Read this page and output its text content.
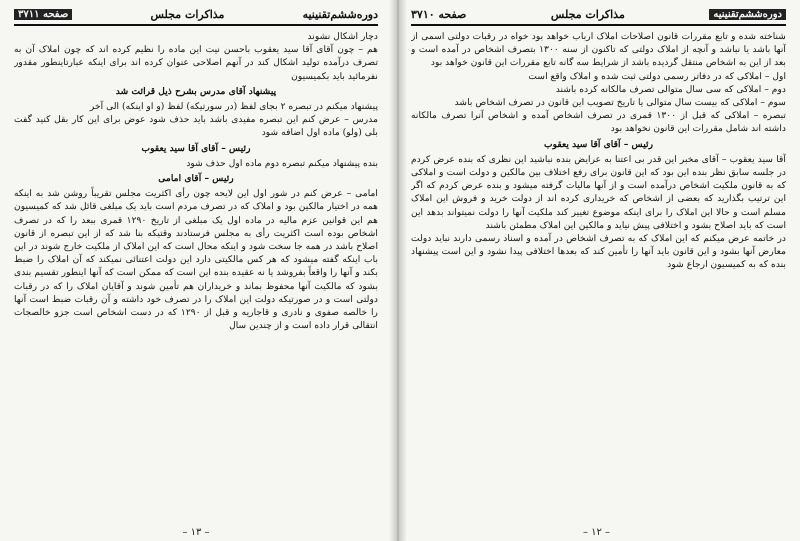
دوره‌ششم‌تقنینیه
مذاکرات مجلس
صفحه ۳۷۱۱

دچار اشکال نشوند

هم – چون آقای آقا سید یعقوب باحسن نیت این ماده را نظیم کرده اند که چون املاک آن به تصرف درآمده تولید اشکال کند در آنهم اصلاحی عنوان کرده اند برای اینکه عبارتاینطور مقدور نفرمائید باید بکمیسیون

پیشنهاد آقای مدرس بشرح ذیل قرائت شد

پیشنهاد میکنم در تبصره ۲ بجای لفظ (در سورتیکه) لفظ (و او اینکه) الی آخر

مدرس – عرض کنم این تبصره مفیدی باشد باید حذف شود عوض برای این کار بقل کنید گفت بلی (ولو) ماده اول اضافه شود

رئیس – آقای آقا سید یعقوب

بنده پیشنهاد میکنم تبصره دوم ماده اول حذف شود

رئیس – آقای امامی

امامی – عرض کنم در شور اول این لایحه چون رأی اکثریت مجلس تقریباً روشن شد به اینکه همه در اختیار مالکین بود و املاک که در تصرف مردم است باید یک مبلغی قائل شد که کمیسیون هم این قوانین عزم مالیه در ماده اول یک مبلغی از تاریخ ۱۲۹۰ قمری ببعد را که در تصرف اشخاص بوده است اکثریت رأی به مجلس فرستادند وقتیکه بنا شد که از این تبصره از قانون اصلاح باشد در همه جا سخت شود و اینکه محال است که این املاک از ملکیت خارج شوند در این باب اینکه گفته میشود که هر کس مالکیتی دارد این دولت اعتنائی نمیکند که آن املاک را ضبط بکند و آنها را واقعاً بفروشد یا نه عقیده بنده این است که ممکن است که آنها اینطور تقسیم بندی بشود که مالکیت آنها محفوظ بماند و خریداران هم تأمین شوند و آقایان املاک را که در رقبات دولتی است و در صورتیکه دولت این املاک را در تصرف خود داشته و آن رقبات ضبط است آنها را خالصه صفوی و نادری و قاجاریه و قبل از ۱۲۹۰ که در دست اشخاص است جزو خالصجات انتقالی قرار داده است و از چندین سال

– ۱۳ –
دوره‌ششم‌تقنینیه
مذاکرات مجلس
صفحه ۳۷۱۰

شناخته شده و تابع مقررات قانون اصلاحات املاک ارباب خواهد بود خواه در رقبات دولتی اسمی از آنها باشد یا نباشد و آنچه از املاک دولتی که تاکنون از سنه ۱۳۰۰ بتصرف اشخاص در آمده است و بعد از این به اشخاص منتقل گردیده باشد از شرایط سه گانه تابع مقررات این قانون خواهد بود

اول – املاکی که در دفاتر رسمی دولتی ثبت شده و املاک واقع است

دوم – املاکی که سی سال متوالی تصرف مالکانه کرده باشند

سوم – املاکی که بیست سال متوالی یا تاریخ تصویب این قانون در تصرف اشخاص باشد

تبصره – املاکی که قبل از ۱۳۰۰ قمری در تصرف اشخاص آمده و اشخاص آنرا تصرف مالکانه داشته اند شامل مقررات این قانون نخواهد بود

رئیس – آقای آقا سید یعقوب

آقا سید یعقوب – آقای مخبر این قدر بی اعتنا به عرایض بنده نباشید این نظری که بنده عرض کردم در جلسه سابق نظر بنده این بود که این قانون برای رفع اختلاف بین مالکین و دولت است و املاکی که به قانون ملکیت اشخاص درآمده است و از آنها مالیات گرفته میشود و بنده عرض کردم که اگر این ترتیب بگذارید که بعضی از اشخاص که خریداری کرده اند از دولت خرید و فروش این املاک مسلم است و حالا این املاک را برای اینکه موضوع تغییر کند ملکیت آنها را دولت نمیتواند بدهد این است که باید اصلاح بشود و اختلافی پیش نیاید و مالکین این املاک مطمئن باشند

در خاتمه عرض میکنم که این املاک که به تصرف اشخاص در آمده و اسناد رسمی دارند نباید دولت معارض آنها بشود و این قانون باید آنها را تأمین کند که بعدها اختلافی پیدا نشود و این است پیشنهاد بنده که به کمیسیون ارجاع شود

– ۱۲ –
